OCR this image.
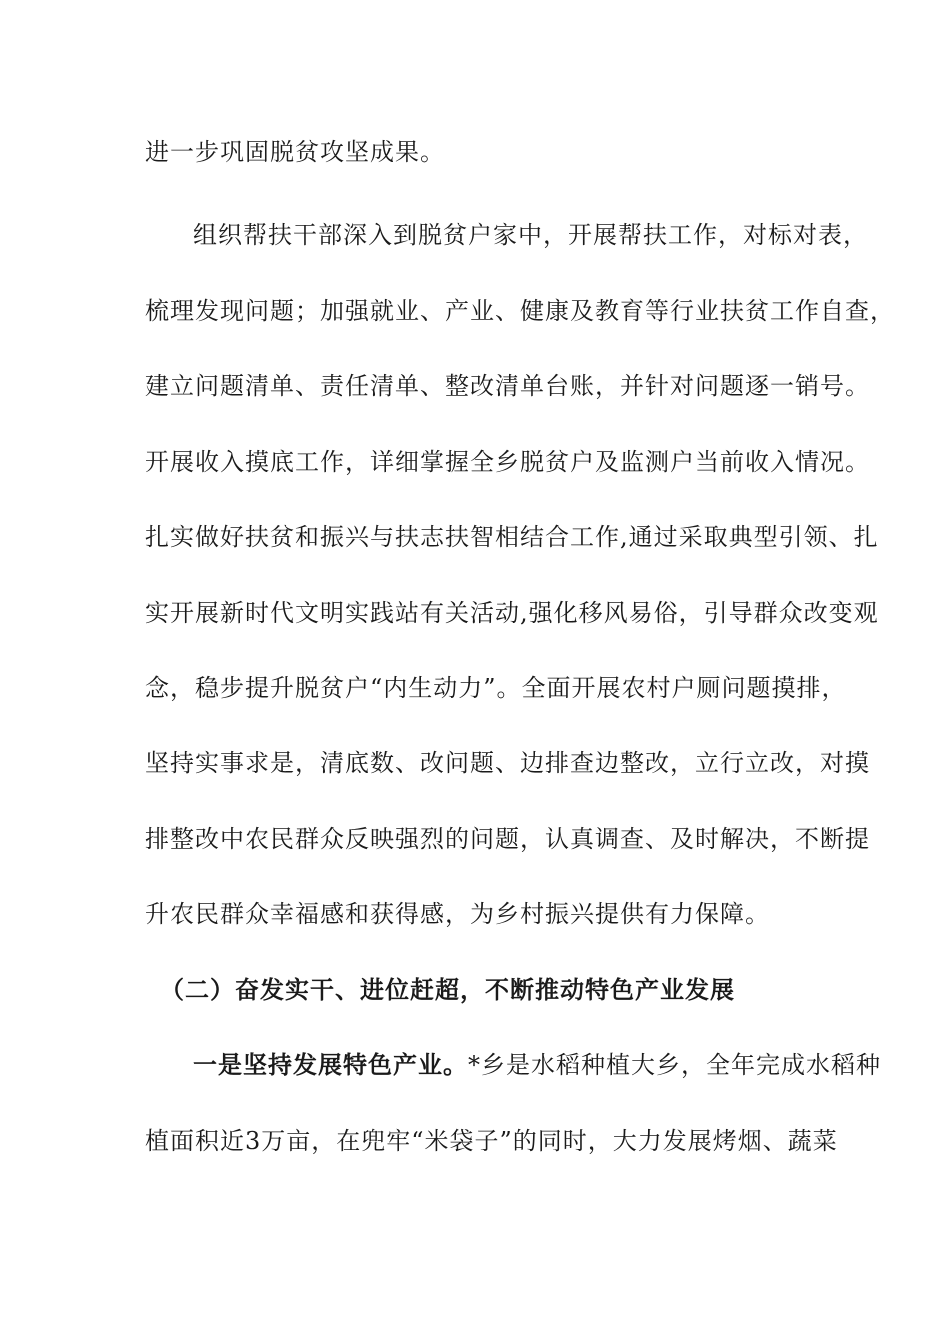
进一步巩固脱贫攻坚成果。
组织帮扶干部深入到脱贫户家中，开展帮扶工作，对标对表，
梳理发现问题；加强就业、产业、健康及教育等行业扶贫工作自查，
建立问题清单、责任清单、整改清单台账，并针对问题逐一销号。
开展收入摸底工作，详细掌握全乡脱贫户及监测户当前收入情况。
扎实做好扶贫和振兴与扶志扶智相结合工作,通过采取典型引领、扎
实开展新时代文明实践站有关活动,强化移风易俗，引导群众改变观
念，稳步提升脱贫户“内生动力”。全面开展农村户厕问题摸排，
坚持实事求是，清底数、改问题、边排查边整改，立行立改，对摸
排整改中农民群众反映强烈的问题，认真调查、及时解决，不断提
升农民群众幸福感和获得感，为乡村振兴提供有力保障。
（二）奋发实干、进位赶超，不断推动特色产业发展
一是坚持发展特色产业。*乡是水稻种植大乡，全年完成水稻种
植面积近3万亩，在兜牢“米袋子”的同时，大力发展烤烟、蔬菜
